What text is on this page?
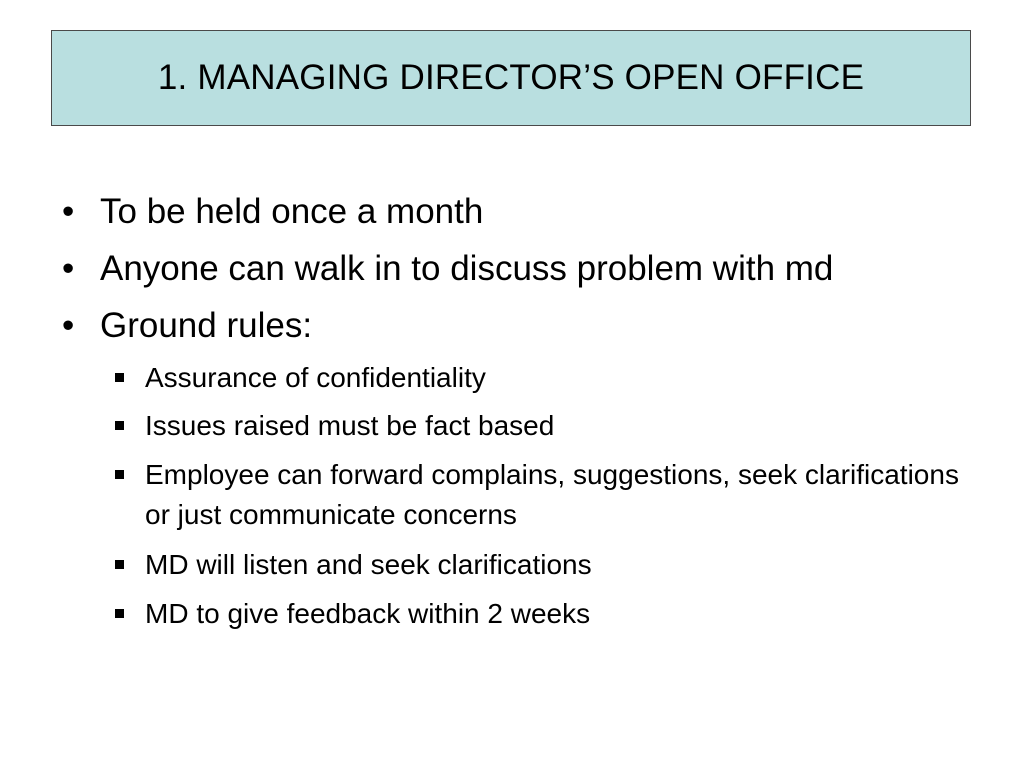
1. MANAGING DIRECTOR’S OPEN OFFICE
• To be held once a month
• Anyone can walk in to discuss problem with md
• Ground rules:
Assurance of confidentiality
Issues raised must be fact based
Employee can forward complains, suggestions, seek clarifications or just communicate concerns
MD will listen and seek clarifications
MD to give feedback within 2 weeks
